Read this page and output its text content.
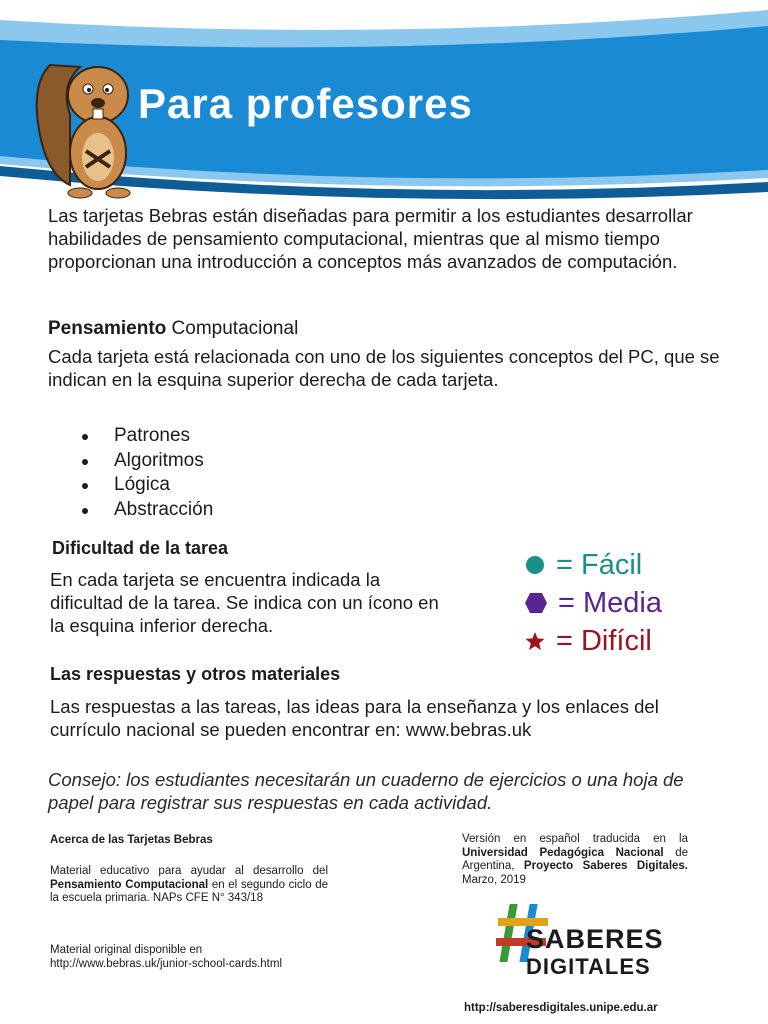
Para profesores

Las tarjetas Bebras están diseñadas para permitir a los estudiantes desarrollar habilidades de pensamiento computacional, mientras que al mismo tiempo proporcionan una introducción a conceptos más avanzados de computación.

Pensamiento Computacional

Cada tarjeta está relacionada con uno de los siguientes conceptos del PC, que se indican en la esquina superior derecha de cada tarjeta.

Patrones
Algoritmos
Lógica
Abstracción

Dificultad de la tarea

En cada tarjeta se encuentra indicada la dificultad de la tarea. Se indica con un ícono en la esquina inferior derecha.

= Fácil
= Media
= Difícil

Las respuestas y otros materiales

Las respuestas a las tareas, las ideas para la enseñanza y los enlaces del currículo nacional se pueden encontrar en: www.bebras.uk

Consejo: los estudiantes necesitarán un cuaderno de ejercicios o una hoja de papel para registrar sus respuestas en cada actividad.

Acerca de las Tarjetas Bebras

Material educativo para ayudar al desarrollo del Pensamiento Computacional en el segundo ciclo de la escuela primaria. NAPs CFE N° 343/18

Material original disponible en http://www.bebras.uk/junior-school-cards.html

Versión en español traducida en la Universidad Pedagógica Nacional de Argentina, Proyecto Saberes Digitales. Marzo, 2019

SABERES
DIGITALES

http://saberesdigitales.unipe.edu.ar
